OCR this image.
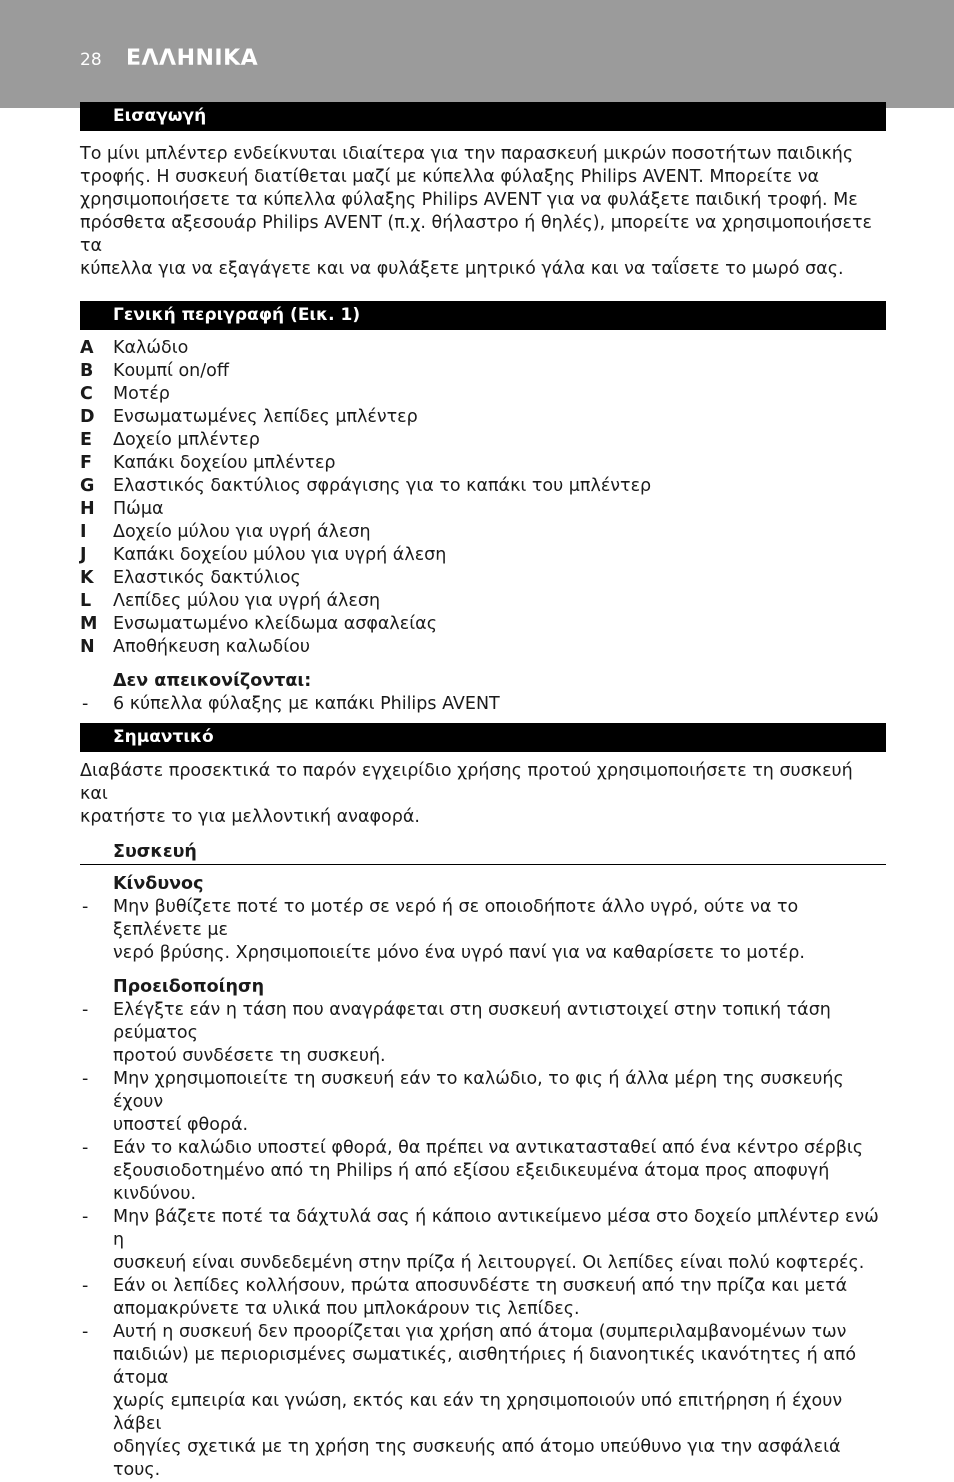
28 ΕΛΛΗΝΙΚΑ
Εισαγωγή
Το μίνι μπλέντερ ενδείκνυται ιδιαίτερα για την παρασκευή μικρών ποσοτήτων παιδικής
τροφής. Η συσκευή διατίθεται μαζί με κύπελλα φύλαξης Philips AVENT. Μπορείτε να
χρησιμοποιήσετε τα κύπελλα φύλαξης Philips AVENT για να φυλάξετε παιδική τροφή. Με
πρόσθετα αξεσουάρ Philips AVENT (π.χ. θήλαστρο ή θηλές), μπορείτε να χρησιμοποιήσετε τα
κύπελλα για να εξαγάγετε και να φυλάξετε μητρικό γάλα και να ταΐσετε το μωρό σας.
Γενική περιγραφή (Εικ. 1)
A	Καλώδιο
B	Κουμπί on/off
C	Μοτέρ
D	Ενσωματωμένες λεπίδες μπλέντερ
E	Δοχείο μπλέντερ
F	Καπάκι δοχείου μπλέντερ
G	Ελαστικός δακτύλιος σφράγισης για το καπάκι του μπλέντερ
H	Πώμα
I	Δοχείο μύλου για υγρή άλεση
J	Καπάκι δοχείου μύλου για υγρή άλεση
K	Ελαστικός δακτύλιος
L	Λεπίδες μύλου για υγρή άλεση
M Ενσωματωμένο κλείδωμα ασφαλείας
N	Αποθήκευση καλωδίου
Δεν απεικονίζονται:
-	6 κύπελλα φύλαξης με καπάκι Philips AVENT
Σημαντικό
Διαβάστε προσεκτικά το παρόν εγχειρίδιο χρήσης προτού χρησιμοποιήσετε τη συσκευή και
κρατήστε το για μελλοντική αναφορά.
Συσκευή
Κίνδυνος
-	Μην βυθίζετε ποτέ το μοτέρ σε νερό ή σε οποιοδήποτε άλλο υγρό, ούτε να το ξεπλένετε με
νερό βρύσης. Χρησιμοποιείτε μόνο ένα υγρό πανί για να καθαρίσετε το μοτέρ.
Προειδοποίηση
-	Ελέγξτε εάν η τάση που αναγράφεται στη συσκευή αντιστοιχεί στην τοπική τάση ρεύματος
προτού συνδέσετε τη συσκευή.
-	Μην χρησιμοποιείτε τη συσκευή εάν το καλώδιο, το φις ή άλλα μέρη της συσκευής έχουν
υποστεί φθορά.
-	Εάν το καλώδιο υποστεί φθορά, θα πρέπει να αντικατασταθεί από ένα κέντρο σέρβις
εξουσιοδοτημένο από τη Philips ή από εξίσου εξειδικευμένα άτομα προς αποφυγή
κινδύνου.
-	Μην βάζετε ποτέ τα δάχτυλά σας ή κάποιο αντικείμενο μέσα στο δοχείο μπλέντερ ενώ η
συσκευή είναι συνδεδεμένη στην πρίζα ή λειτουργεί. Οι λεπίδες είναι πολύ κοφτερές.
-	Εάν οι λεπίδες κολλήσουν, πρώτα αποσυνδέστε τη συσκευή από την πρίζα και μετά
απομακρύνετε τα υλικά που μπλοκάρουν τις λεπίδες.
-	Αυτή η συσκευή δεν προορίζεται για χρήση από άτομα (συμπεριλαμβανομένων των
παιδιών) με περιορισμένες σωματικές, αισθητήριες ή διανοητικές ικανότητες ή από άτομα
χωρίς εμπειρία και γνώση, εκτός και εάν τη χρησιμοποιούν υπό επιτήρηση ή έχουν λάβει
οδηγίες σχετικά με τη χρήση της συσκευής από άτομο υπεύθυνο για την ασφάλειά τους.
